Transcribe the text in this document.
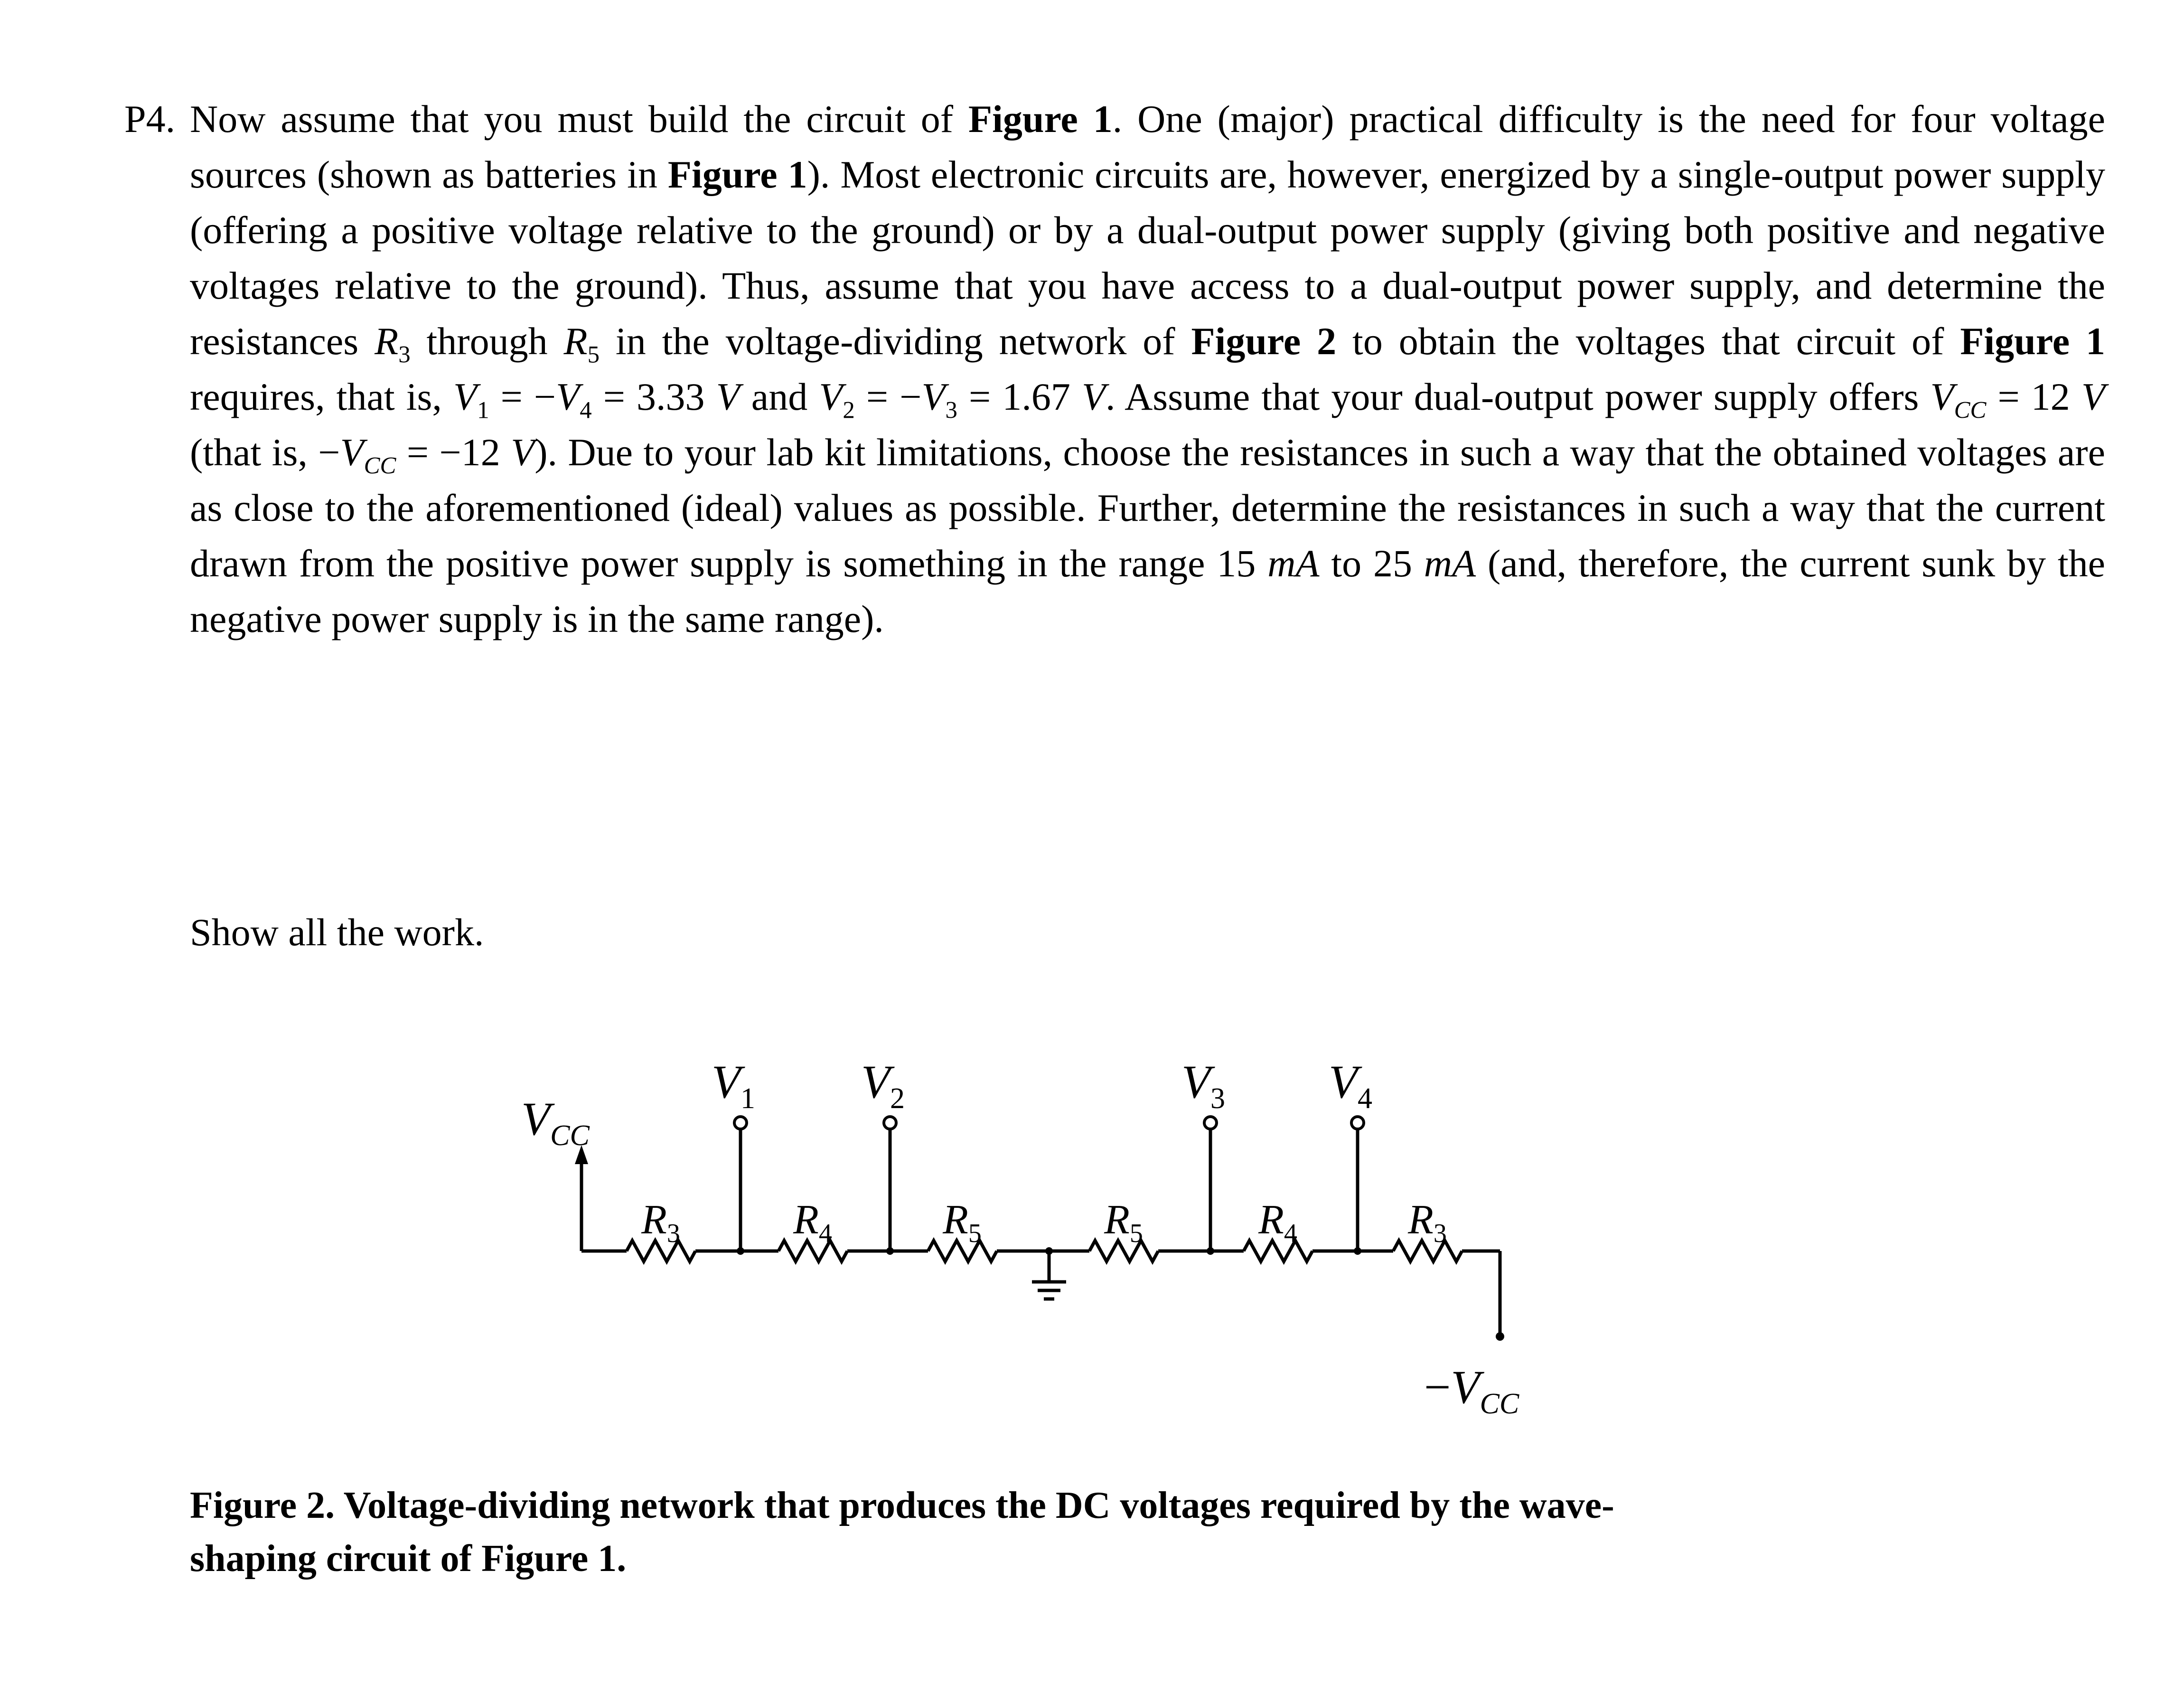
P4. Now assume that you must build the circuit of Figure 1. One (major) practical difficulty is the need for four voltage sources (shown as batteries in Figure 1). Most electronic circuits are, however, energized by a single-output power supply (offering a positive voltage relative to the ground) or by a dual-output power supply (giving both positive and negative voltages relative to the ground). Thus, assume that you have access to a dual-output power supply, and determine the resistances $R_3$ through $R_5$ in the voltage-dividing network of Figure 2 to obtain the voltages that circuit of Figure 1 requires, that is, $V_1 = -V_4 = 3.33$ V and $V_2 = -V_3 = 1.67$ V. Assume that your dual-output power supply offers $V_{CC} = 12$ V (that is, $-V_{CC} = -12$ V). Due to your lab kit limitations, choose the resistances in such a way that the obtained voltages are as close to the aforementioned (ideal) values as possible. Further, determine the resistances in such a way that the current drawn from the positive power supply is something in the range 15 mA to 25 mA (and, therefore, the current sunk by the negative power supply is in the same range).
Show all the work.
$V_{CC}$
$R_3$	$R_4$	$R_5$	$R_5$	$R_4$	$R_3$
$V_1$ $V_2$	$V_3$ $V_4$
$-V_{CC}$
Figure 2. Voltage-dividing network that produces the DC voltages required by the wave-
shaping circuit of Figure 1.
